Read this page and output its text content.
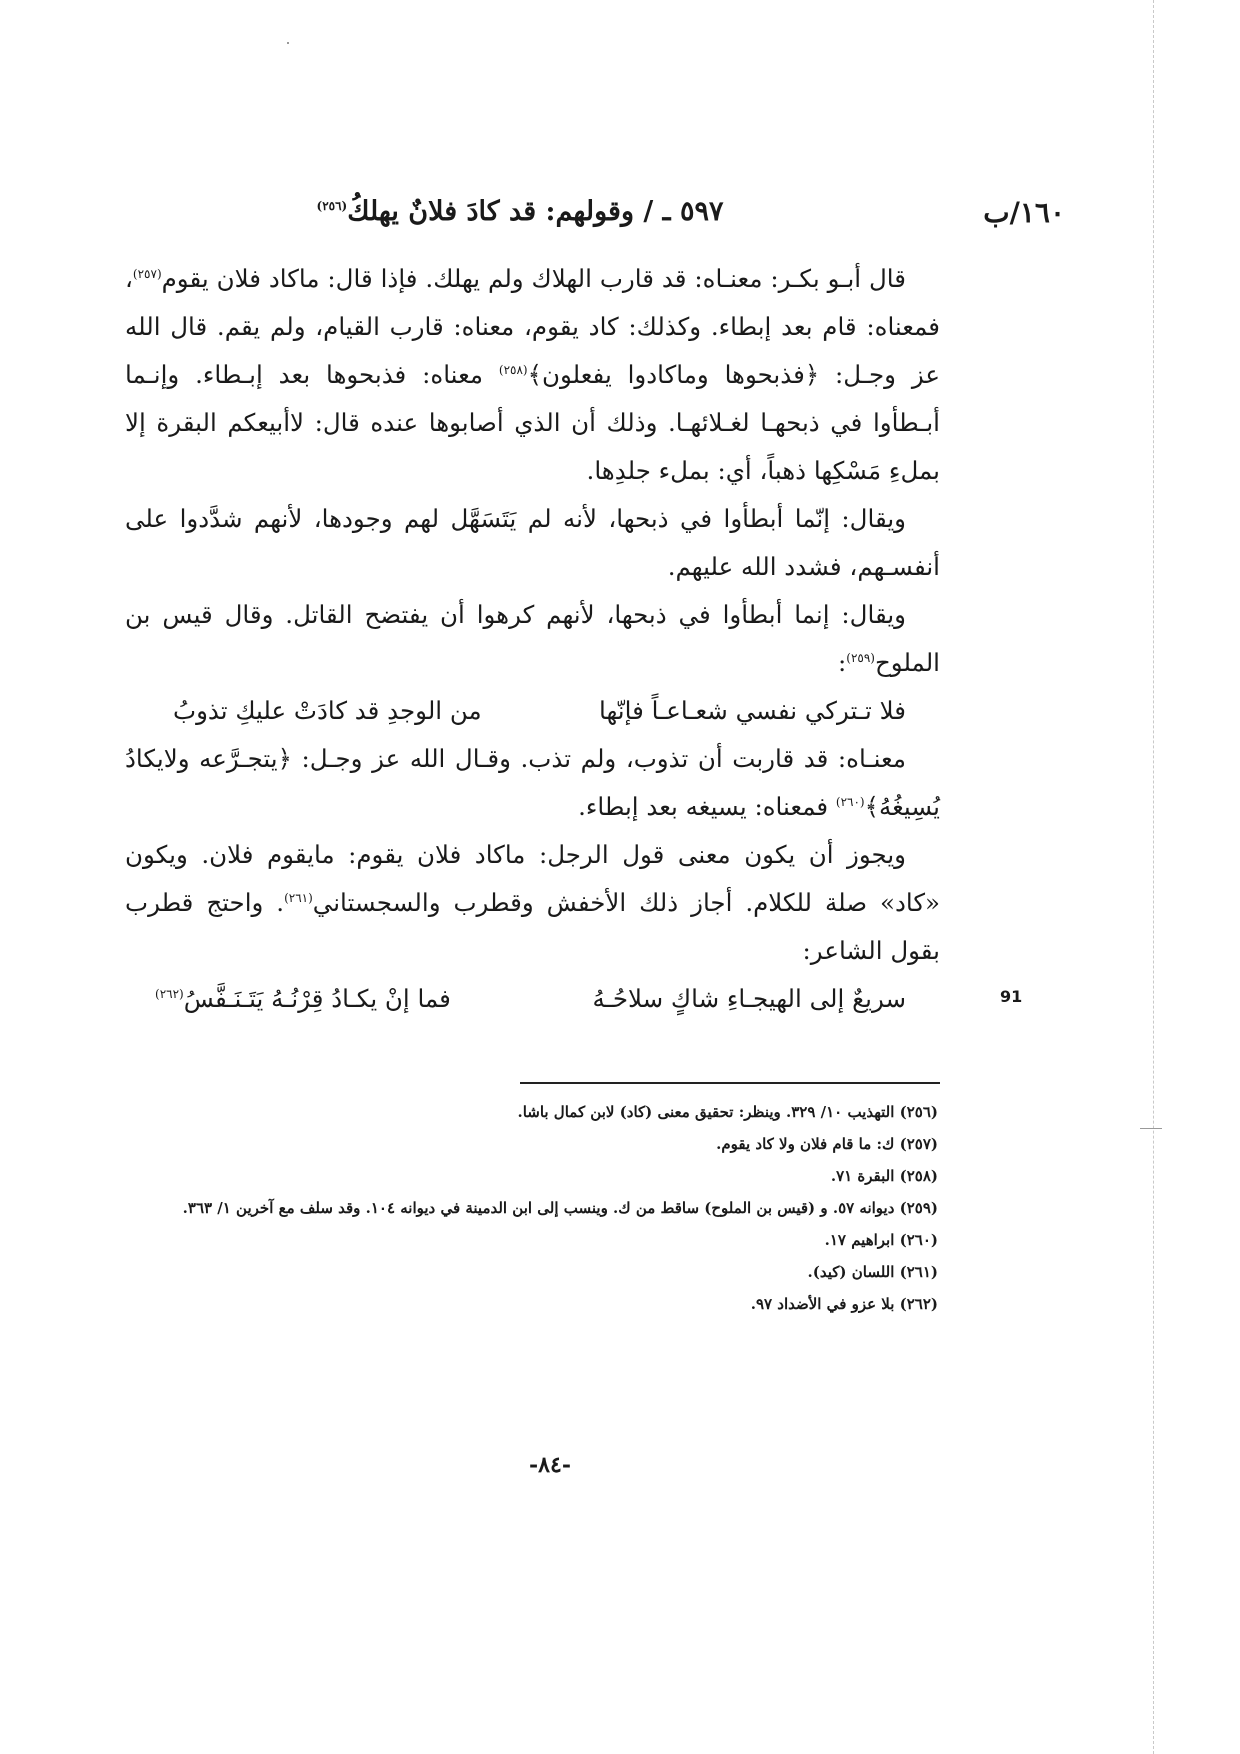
١٦٠/ب
91
٥٩٧ ـ / وقولهم: قد كادَ فلانٌ يهلكُ$^{(٢٥٦)}$

قال أبـو بكـر: معنـاه: قد قارب الهلاك ولم يهلك. فإذا قال: ماكاد فلان يقوم$^{(٢٥٧)}$، فمعناه: قام بعد إبطاء. وكذلك: كاد يقوم، معناه: قارب القيام، ولم يقم. قال الله عز وجـل: ﴿فذبحوها وماكادوا يفعلون﴾$^{(٢٥٨)}$ معناه: فذبحوها بعد إبـطاء. وإنـما أبـطأوا في ذبحهـا لغـلائهـا. وذلك أن الذي أصابوها عنده قال: لاأبيعكم البقرة إلا بملءِ مَسْكِها ذهباً، أي: بملء جلدِها.

ويقال: إنّما أبطأوا في ذبحها، لأنه لم يَتَسَهَّل لهم وجودها، لأنهم شدَّدوا على أنفسـهم، فشدد الله عليهم.

ويقال: إنما أبطأوا في ذبحها، لأنهم كرهوا أن يفتضح القاتل. وقال قيس بن الملوح$^{(٢٥٩)}$:

فلا تـتركي نفسي شعـاعـاً فإنّها
من الوجدِ قد كادَتْ عليكِ تذوبُ

معنـاه: قد قاربت أن تذوب، ولم تذب. وقـال الله عز وجـل: ﴿يتجـرَّعه ولايكادُ يُسِيغُهُ﴾$^{(٢٦٠)}$ فمعناه: يسيغه بعد إبطاء.

ويجوز أن يكون معنى قول الرجل: ماكاد فلان يقوم: مايقوم فلان. ويكون «كاد» صلة للكلام. أجاز ذلك الأخفش وقطرب والسجستاني$^{(٢٦١)}$. واحتج قطرب بقول الشاعر:

سريعٌ إلى الهيجـاءِ شاكٍ سلاحُـهُ
فما إنْ يكـادُ قِرْنُـهُ يَتَـنَـفَّسُ$^{(٢٦٢)}$
(٢٥٦) التهذيب ١٠/ ٣٢٩. وينظر: تحقيق معنى (كاد) لابن كمال باشا.
(٢٥٧) ك: ما قام فلان ولا كاد يقوم.
(٢٥٨) البقرة ٧١.
(٢٥٩) ديوانه ٥٧. و (قيس بن الملوح) ساقط من ك. وينسب إلى ابن الدمينة في ديوانه ١٠٤. وقد سلف مع آخرين ١/ ٣٦٣.
(٢٦٠) ابراهيم ١٧.
(٢٦١) اللسان (كيد).
(٢٦٢) بلا عزو في الأضداد ٩٧.
-٨٤-
